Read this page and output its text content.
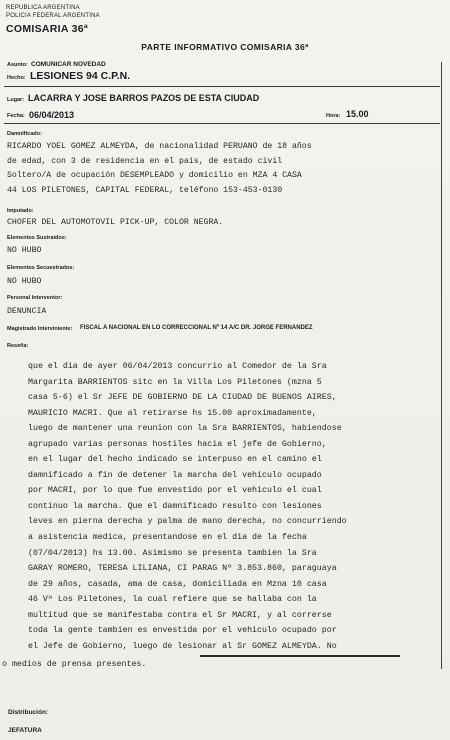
REPUBLICA ARGENTINA
POLICIA FEDERAL ARGENTINA
COMISARIA 36ª
PARTE INFORMATIVO COMISARIA 36ª
Asunto: COMUNICAR NOVEDAD
Hecho: LESIONES 94 C.P.N.
Lugar: LACARRA Y JOSE BARROS PAZOS DE ESTA CIUDAD
Fecha: 06/04/2013	Hora: 15.00
Damnificado:
RICARDO YOEL GOMEZ ALMEYDA, de nacionalidad PERUANO de 18 años
de edad, con 3 de residencia en el país, de estado civil
Soltero/A de ocupación DESEMPLEADO y domicilio en MZA 4 CASA
44 LOS PILETONES, CAPITAL FEDERAL, teléfono 153-453-0130
Imputado:
CHOFER DEL AUTOMOTOVIL PICK-UP, COLOR NEGRA.
Elementos Sustraídos:
NO HUBO
Elementos Secuestrados:
NO HUBO
Personal Interventor:
DENUNCIA
Magistrado Interviniente: FISCAL A NACIONAL EN LO CORRECCIONAL Nº 14 A/C DR. JORGE FERNANDEZ
Reseña:
que el dia de ayer 06/04/2013 concurrio al Comedor de la Sra
Margarita BARRIENTOS sitc en la Villa Los Piletones (mzna 5
casa 5-6) el Sr JEFE DE GOBIERNO DE LA CIUDAD DE BUENOS AIRES,
MAURICIO MACRI. Que al retirarse hs 15.00 aproximadamente,
luego de mantener una reunion con la Sra BARRIENTOS, habiendose
agrupado varias personas hostiles hacia el jefe de Gobierno,
en el lugar del hecho indicado se interpuso en el camino el
damnificado a fin de detener la marcha del vehiculo ocupado
por MACRI, por lo que fue envestido por el vehiculo el cual
continuo la marcha. Que el damnificado resulto con lesiones
leves en pierna derecha y palma de mano derecha, no concurriendo
a asistencia medica, presentandose en el dia de la fecha
(07/04/2013) hs 13.00. Asimismo se presenta tambien la Sra
GARAY ROMERO, TERESA LILIANA, CI PARAG Nº 3.853.860, paraguaya
de 29 años, casada, ama de casa, domiciliada en Mzna 10 casa
46 Vª Los Piletones, la cual refiere que se hallaba con la
multitud que se manifestaba contra el Sr MACRI, y al correrse
toda la gente tambien es envestida por el vehiculo ocupado por
el Jefe de Gobierno, luego de lesionar al Sr GOMEZ ALMEYDA. No
o medios de prensa presentes.
Distribución:
JEFATURA
